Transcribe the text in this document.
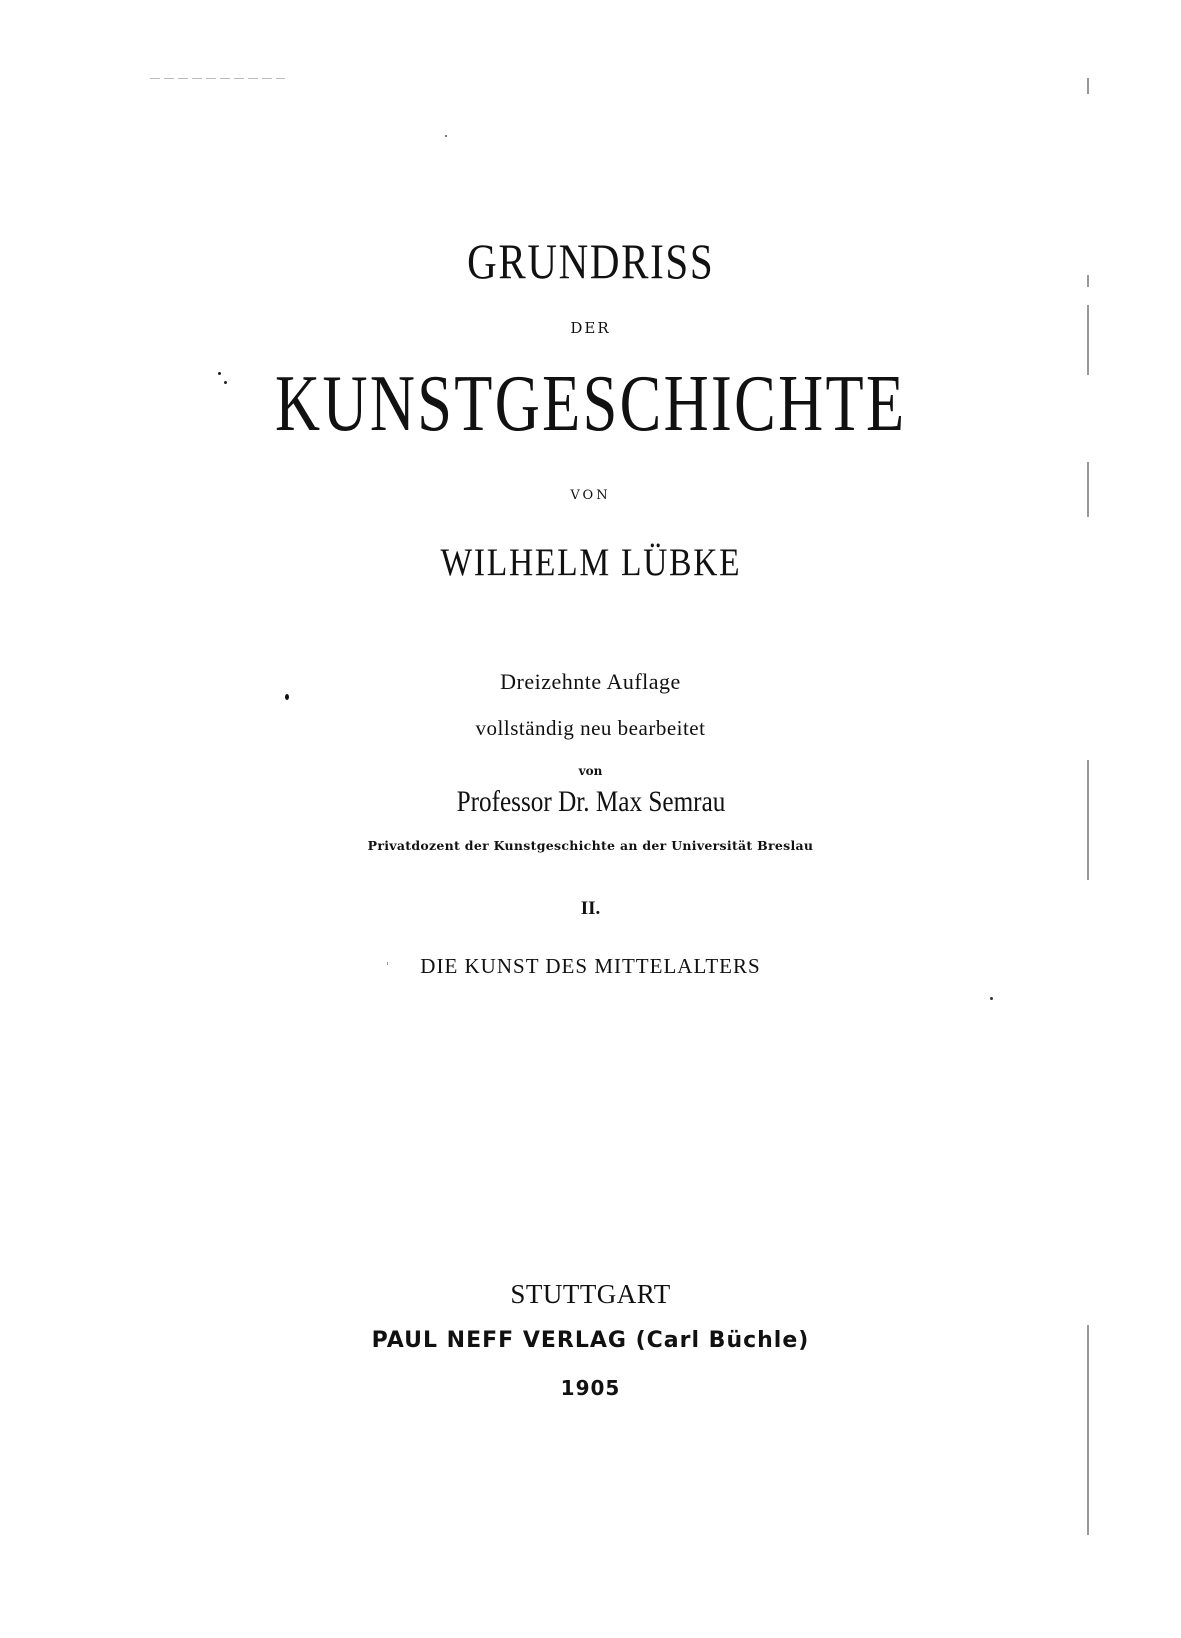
GRUNDRISS
DER
KUNSTGESCHICHTE
VON
WILHELM LÜBKE
Dreizehnte Auflage
vollständig neu bearbeitet
von
Professor Dr. Max Semrau
Privatdozent der Kunstgeschichte an der Universität Breslau
II.
DIE KUNST DES MITTELALTERS
STUTTGART
PAUL NEFF VERLAG (Carl Büchle)
1905
